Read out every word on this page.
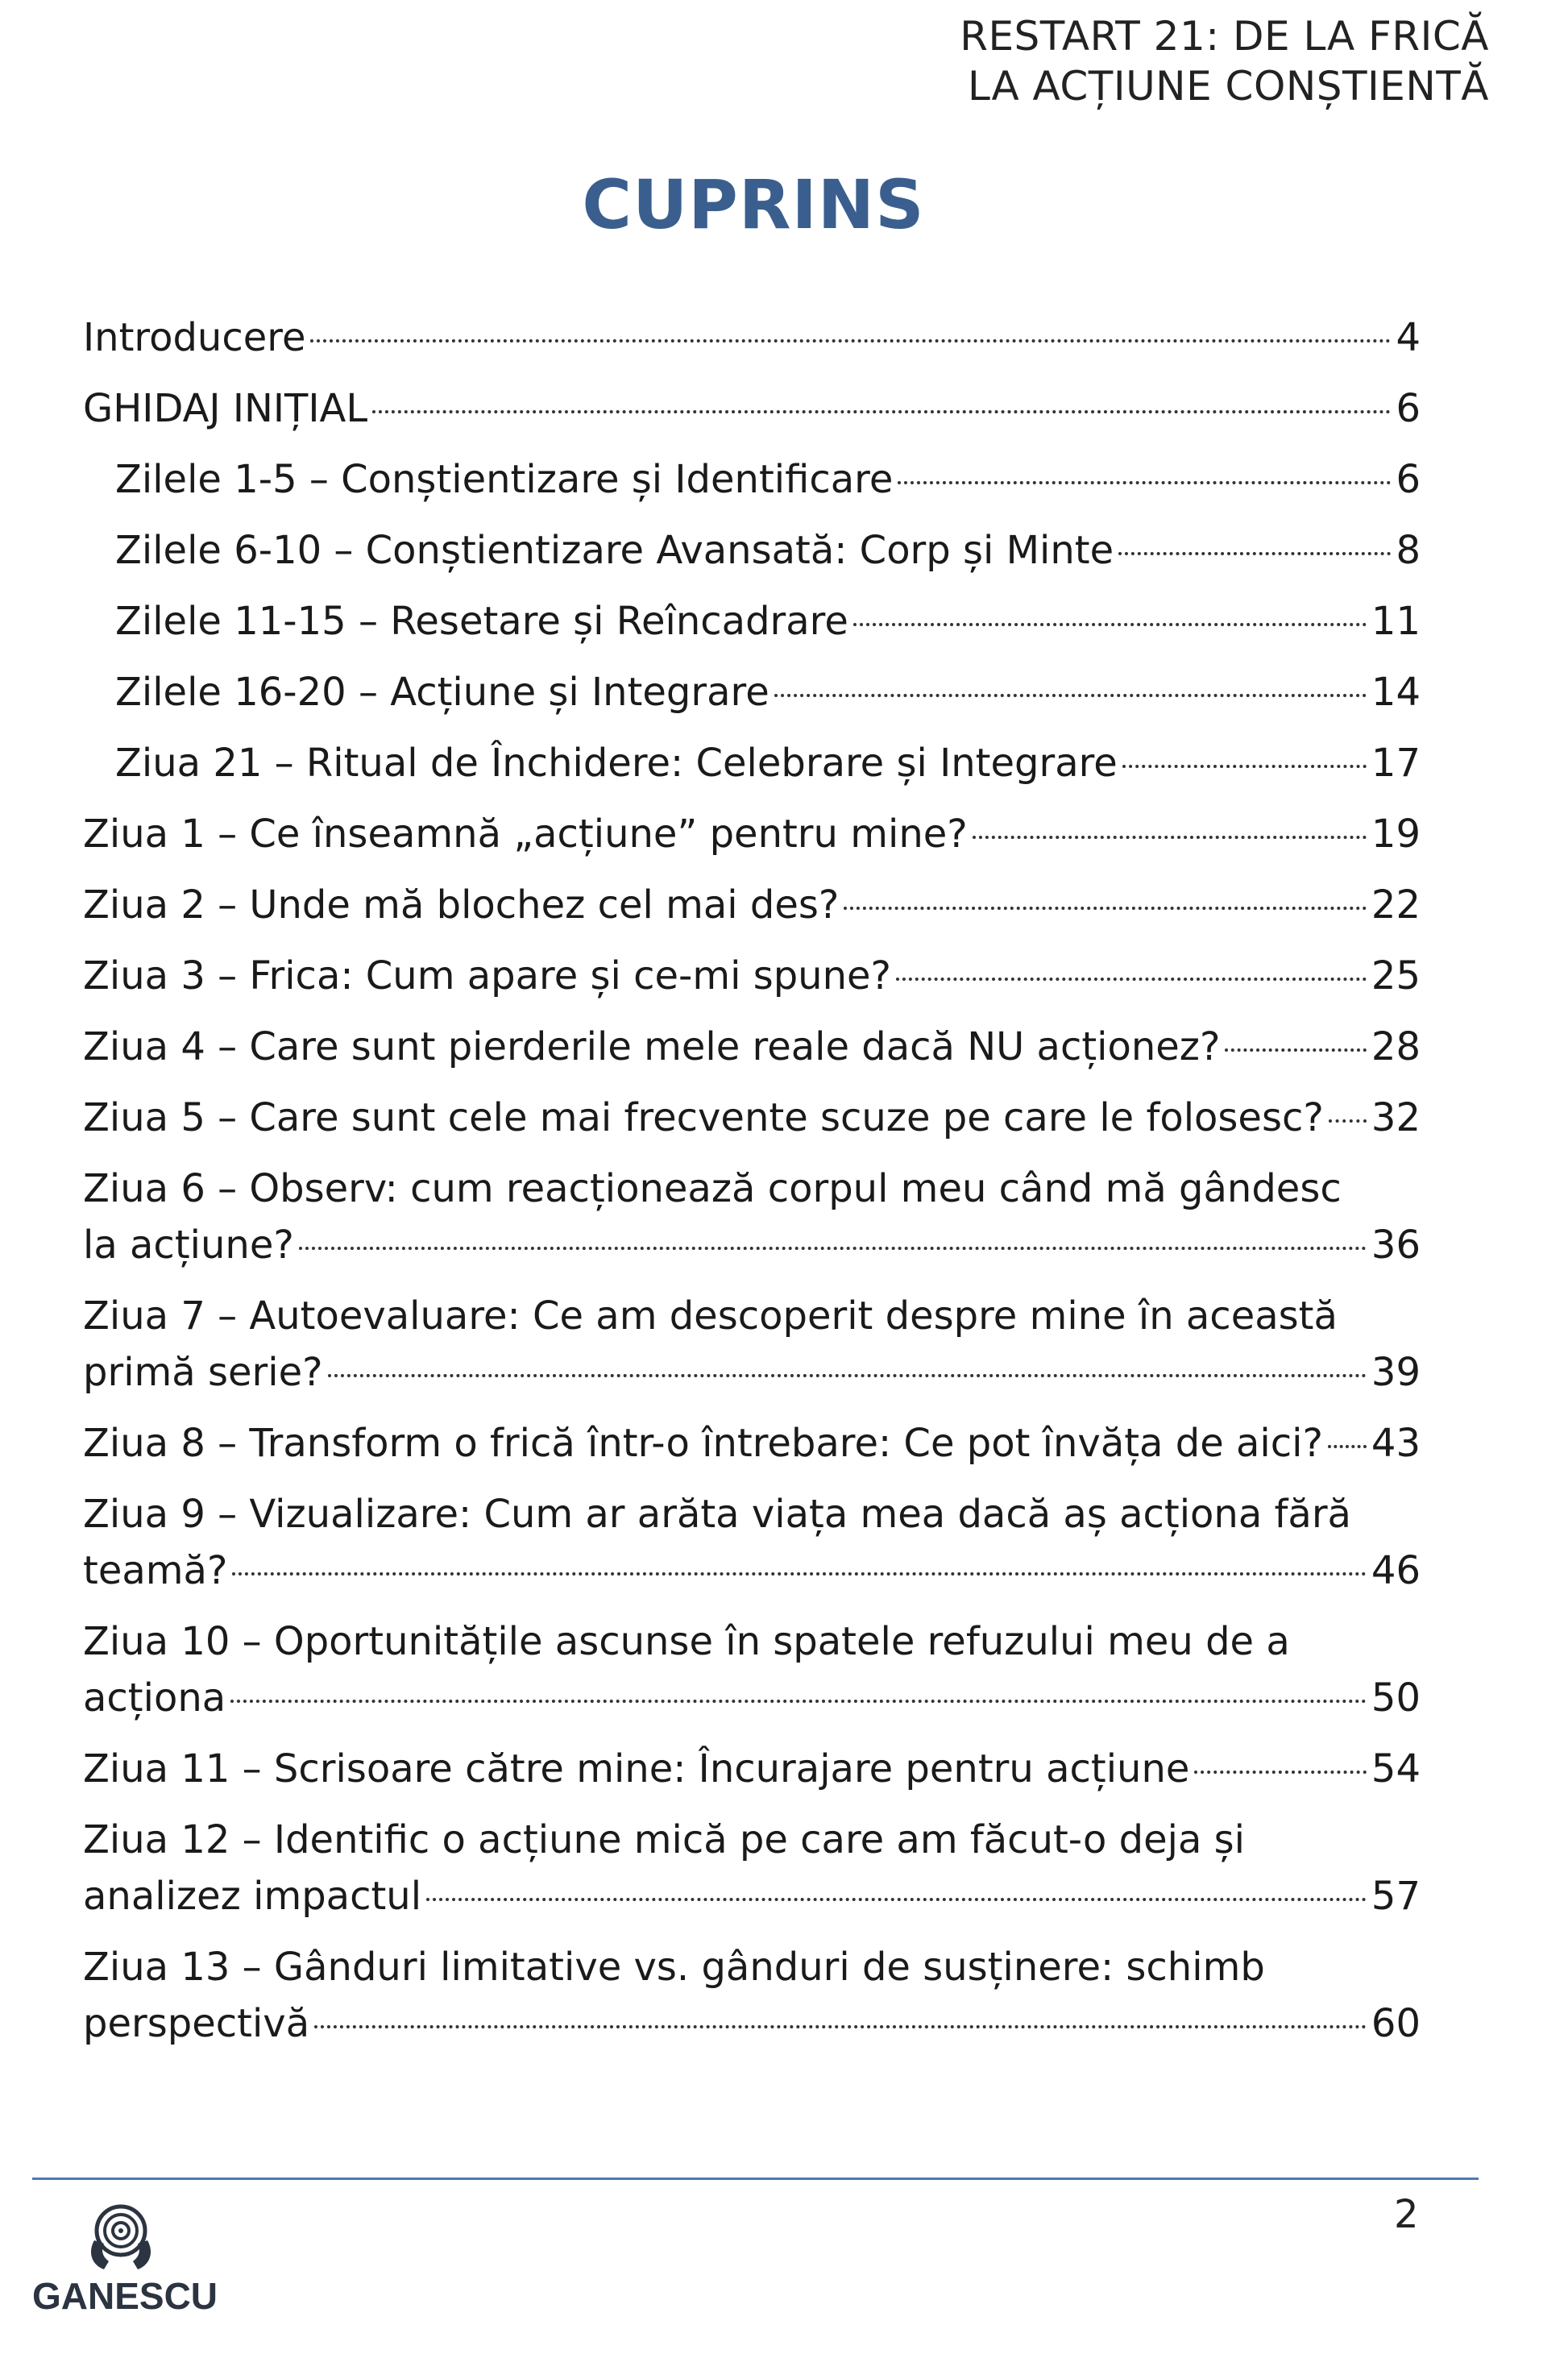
RESTART 21: DE LA FRICĂ
LA ACȚIUNE CONȘTIENTĂ
CUPRINS
Introducere	4
GHIDAJ INIȚIAL	6
Zilele 1-5 – Conștientizare și Identificare	6
Zilele 6-10 – Conștientizare Avansată: Corp și Minte	8
Zilele 11-15 – Resetare și Reîncadrare	11
Zilele 16-20 – Acțiune și Integrare	14
Ziua 21 – Ritual de Închidere: Celebrare și Integrare	17
Ziua 1 – Ce înseamnă „acțiune” pentru mine?	19
Ziua 2 – Unde mă blochez cel mai des?	22
Ziua 3 – Frica: Cum apare și ce-mi spune?	25
Ziua 4 – Care sunt pierderile mele reale dacă NU acționez?	28
Ziua 5 – Care sunt cele mai frecvente scuze pe care le folosesc? 32
Ziua 6 – Observ: cum reacționează corpul meu când mă gândesc
la acțiune?	36
Ziua 7 – Autoevaluare: Ce am descoperit despre mine în această
primă serie?	39
Ziua 8 – Transform o frică într-o întrebare: Ce pot învăța de aici? 43
Ziua 9 – Vizualizare: Cum ar arăta viața mea dacă aș acționa fără
teamă?	46
Ziua 10 – Oportunitățile ascunse în spatele refuzului meu de a
acționa	50
Ziua 11 – Scrisoare către mine: Încurajare pentru acțiune	54
Ziua 12 – Identific o acțiune mică pe care am făcut-o deja și
analizez impactul	57
Ziua 13 – Gânduri limitative vs. gânduri de susținere: schimb
perspectivă	60
GANESCU
2
